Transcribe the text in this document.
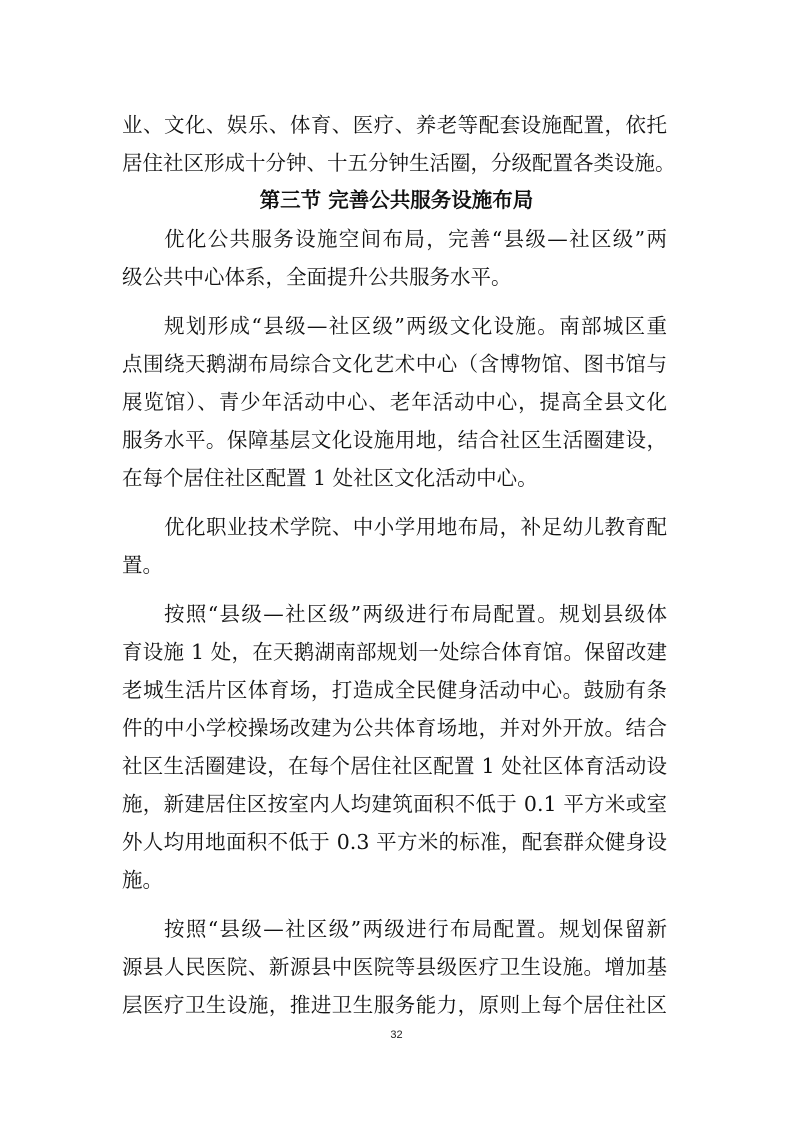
业、文化、娱乐、体育、医疗、养老等配套设施配置，依托
居住社区形成十分钟、十五分钟生活圈，分级配置各类设施。
第三节 完善公共服务设施布局
优化公共服务设施空间布局，完善“县级—社区级”两
级公共中心体系，全面提升公共服务水平。
规划形成“县级—社区级”两级文化设施。南部城区重
点围绕天鹅湖布局综合文化艺术中心（含博物馆、图书馆与
展览馆）、青少年活动中心、老年活动中心，提高全县文化
服务水平。保障基层文化设施用地，结合社区生活圈建设，
在每个居住社区配置 1 处社区文化活动中心。
优化职业技术学院、中小学用地布局，补足幼儿教育配
置。
按照“县级—社区级”两级进行布局配置。规划县级体
育设施 1 处，在天鹅湖南部规划一处综合体育馆。保留改建
老城生活片区体育场，打造成全民健身活动中心。鼓励有条
件的中小学校操场改建为公共体育场地，并对外开放。结合
社区生活圈建设，在每个居住社区配置 1 处社区体育活动设
施，新建居住区按室内人均建筑面积不低于 0.1 平方米或室
外人均用地面积不低于 0.3 平方米的标准，配套群众健身设
施。
按照“县级—社区级”两级进行布局配置。规划保留新
源县人民医院、新源县中医院等县级医疗卫生设施。增加基
层医疗卫生设施，推进卫生服务能力，原则上每个居住社区
32
